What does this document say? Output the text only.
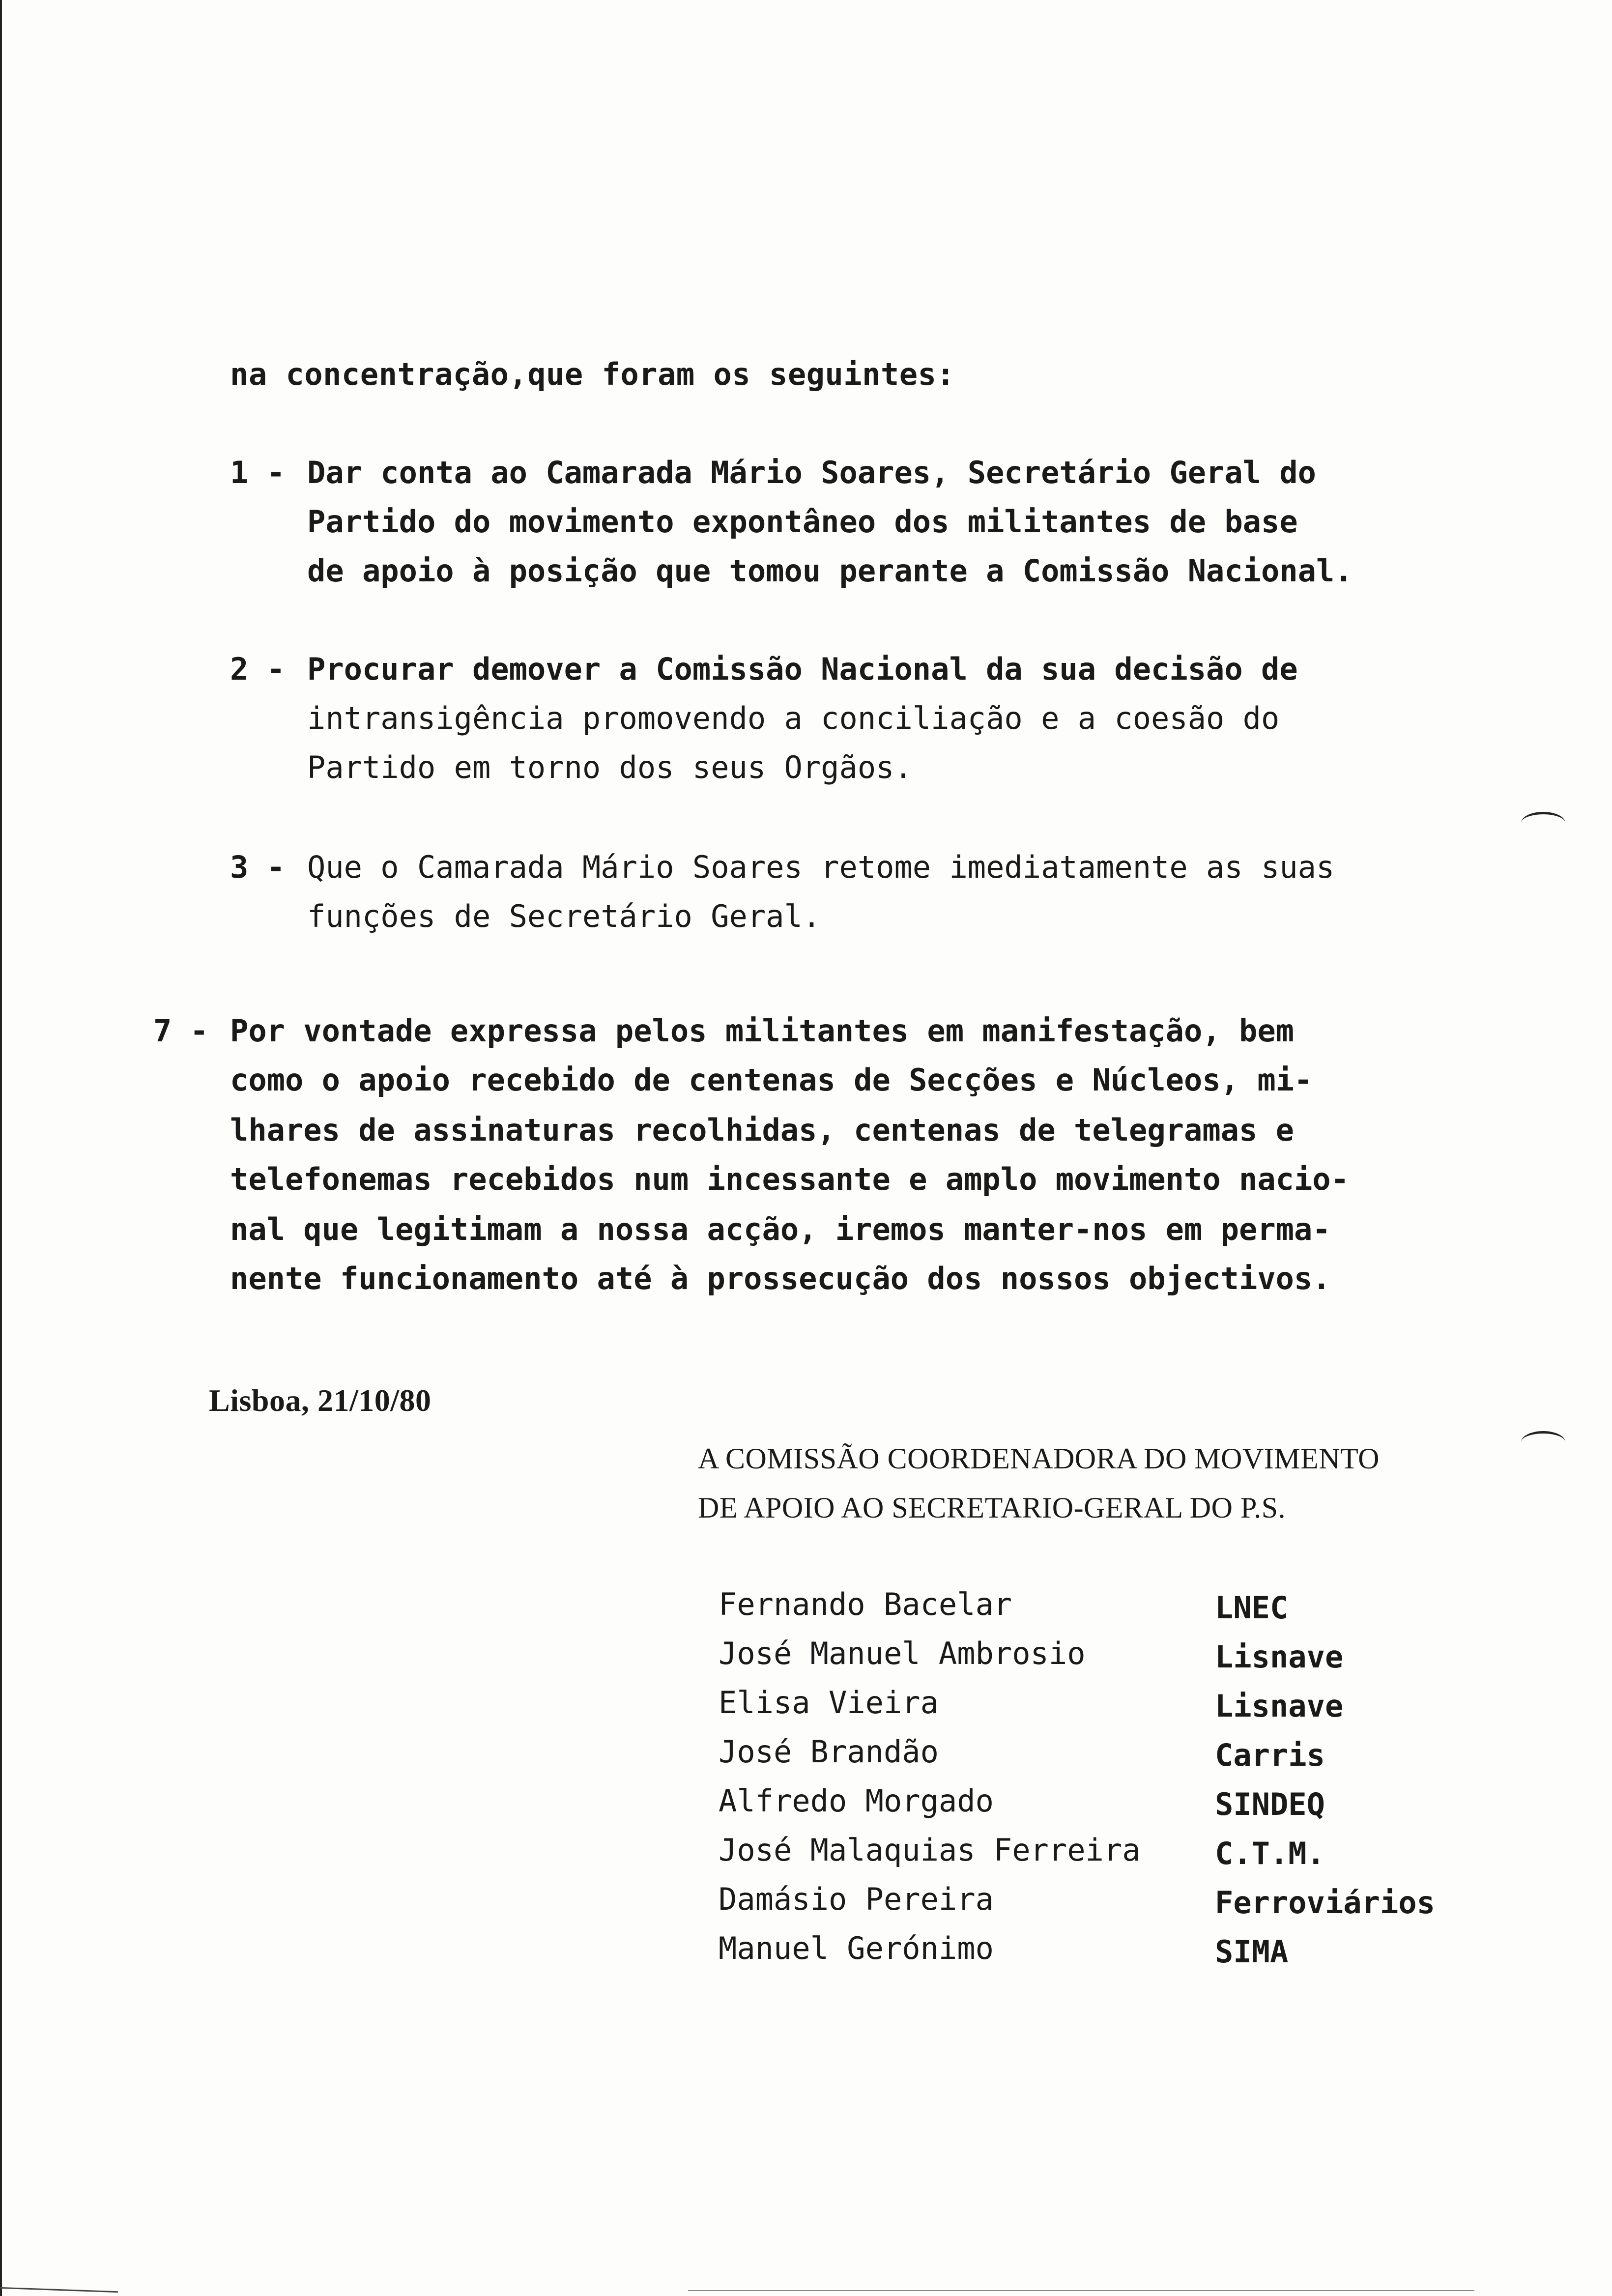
na concentração,que foram os seguintes:
1 - Dar conta ao Camarada Mário Soares, Secretário Geral do
Partido do movimento expontâneo dos militantes de base
de apoio à posição que tomou perante a Comissão Nacional.
2 - Procurar demover a Comissão Nacional da sua decisão de
intransigência promovendo a conciliação e a coesão do
Partido em torno dos seus Orgãos.
3 - Que o Camarada Mário Soares retome imediatamente as suas
funções de Secretário Geral.
7 - Por vontade expressa pelos militantes em manifestação, bem
como o apoio recebido de centenas de Secções e Núcleos, mi-
lhares de assinaturas recolhidas, centenas de telegramas e
telefonemas recebidos num incessante e amplo movimento nacio-
nal que legitimam a nossa acção, iremos manter-nos em perma-
nente funcionamento até à prossecução dos nossos objectivos.
Lisboa, 21/10/80
A COMISSÃO COORDENADORA DO MOVIMENTO
DE APOIO AO SECRETARIO-GERAL DO P.S.
Fernando Bacelar	LNEC
José Manuel Ambrosio	Lisnave
Elisa Vieira	Lisnave
José Brandão	Carris
Alfredo Morgado	SINDEQ
José Malaquias Ferreira C.T.M.
Damásio Pereira	Ferroviários
Manuel Gerónimo	SIMA
